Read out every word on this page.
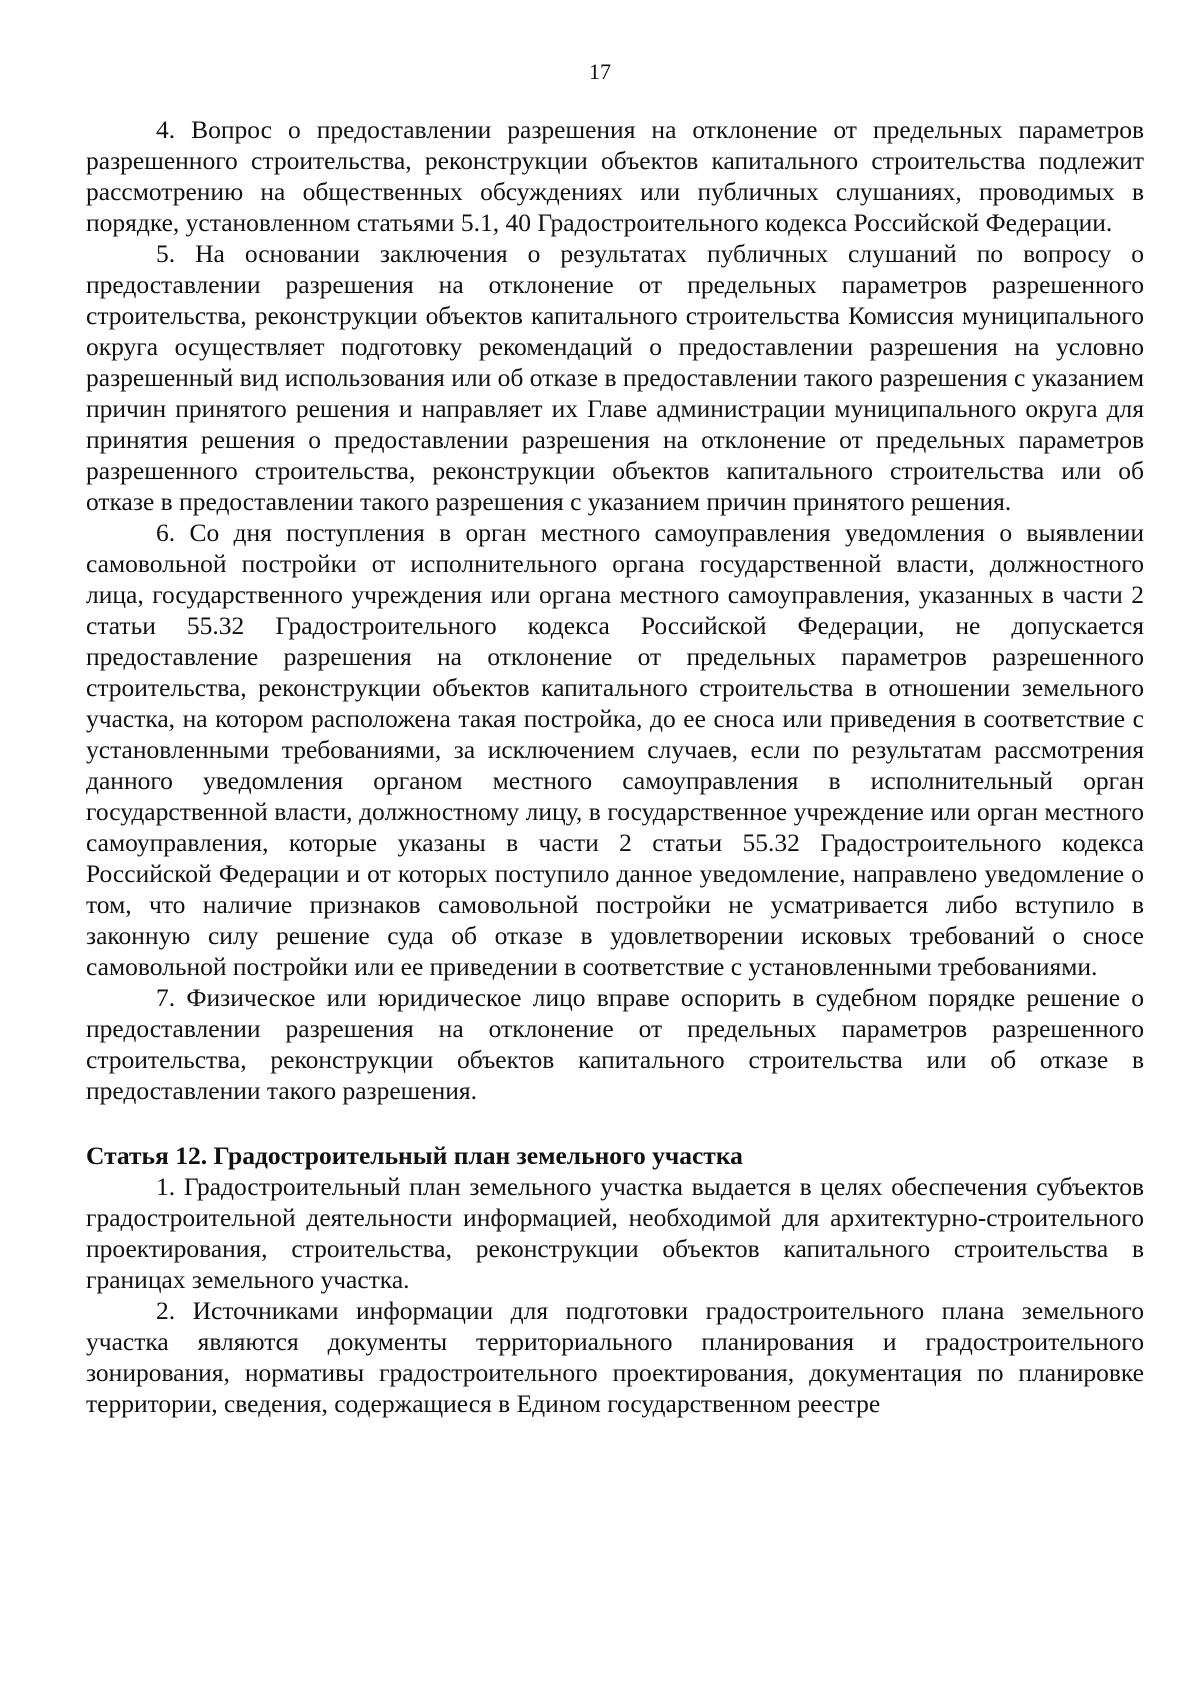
17

4. Вопрос о предоставлении разрешения на отклонение от предельных параметров разрешенного строительства, реконструкции объектов капитального строительства подлежит рассмотрению на общественных обсуждениях или публичных слушаниях, проводимых в порядке, установленном статьями 5.1, 40 Градостроительного кодекса Российской Федерации.

5. На основании заключения о результатах публичных слушаний по вопросу о предоставлении разрешения на отклонение от предельных параметров разрешенного строительства, реконструкции объектов капитального строительства Комиссия муниципального округа осуществляет подготовку рекомендаций о предоставлении разрешения на условно разрешенный вид использования или об отказе в предоставлении такого разрешения с указанием причин принятого решения и направляет их Главе администрации муниципального округа для принятия решения о предоставлении разрешения на отклонение от предельных параметров разрешенного строительства, реконструкции объектов капитального строительства или об отказе в предоставлении такого разрешения с указанием причин принятого решения.

6. Со дня поступления в орган местного самоуправления уведомления о выявлении самовольной постройки от исполнительного органа государственной власти, должностного лица, государственного учреждения или органа местного самоуправления, указанных в части 2 статьи 55.32 Градостроительного кодекса Российской Федерации, не допускается предоставление разрешения на отклонение от предельных параметров разрешенного строительства, реконструкции объектов капитального строительства в отношении земельного участка, на котором расположена такая постройка, до ее сноса или приведения в соответствие с установленными требованиями, за исключением случаев, если по результатам рассмотрения данного уведомления органом местного самоуправления в исполнительный орган государственной власти, должностному лицу, в государственное учреждение или орган местного самоуправления, которые указаны в части 2 статьи 55.32 Градостроительного кодекса Российской Федерации и от которых поступило данное уведомление, направлено уведомление о том, что наличие признаков самовольной постройки не усматривается либо вступило в законную силу решение суда об отказе в удовлетворении исковых требований о сносе самовольной постройки или ее приведении в соответствие с установленными требованиями.

7. Физическое или юридическое лицо вправе оспорить в судебном порядке решение о предоставлении разрешения на отклонение от предельных параметров разрешенного строительства, реконструкции объектов капитального строительства или об отказе в предоставлении такого разрешения.

Статья 12. Градостроительный план земельного участка

1. Градостроительный план земельного участка выдается в целях обеспечения субъектов градостроительной деятельности информацией, необходимой для архитектурно-строительного проектирования, строительства, реконструкции объектов капитального строительства в границах земельного участка.

2. Источниками информации для подготовки градостроительного плана земельного участка являются документы территориального планирования и градостроительного зонирования, нормативы градостроительного проектирования, документация по планировке территории, сведения, содержащиеся в Едином государственном реестре
